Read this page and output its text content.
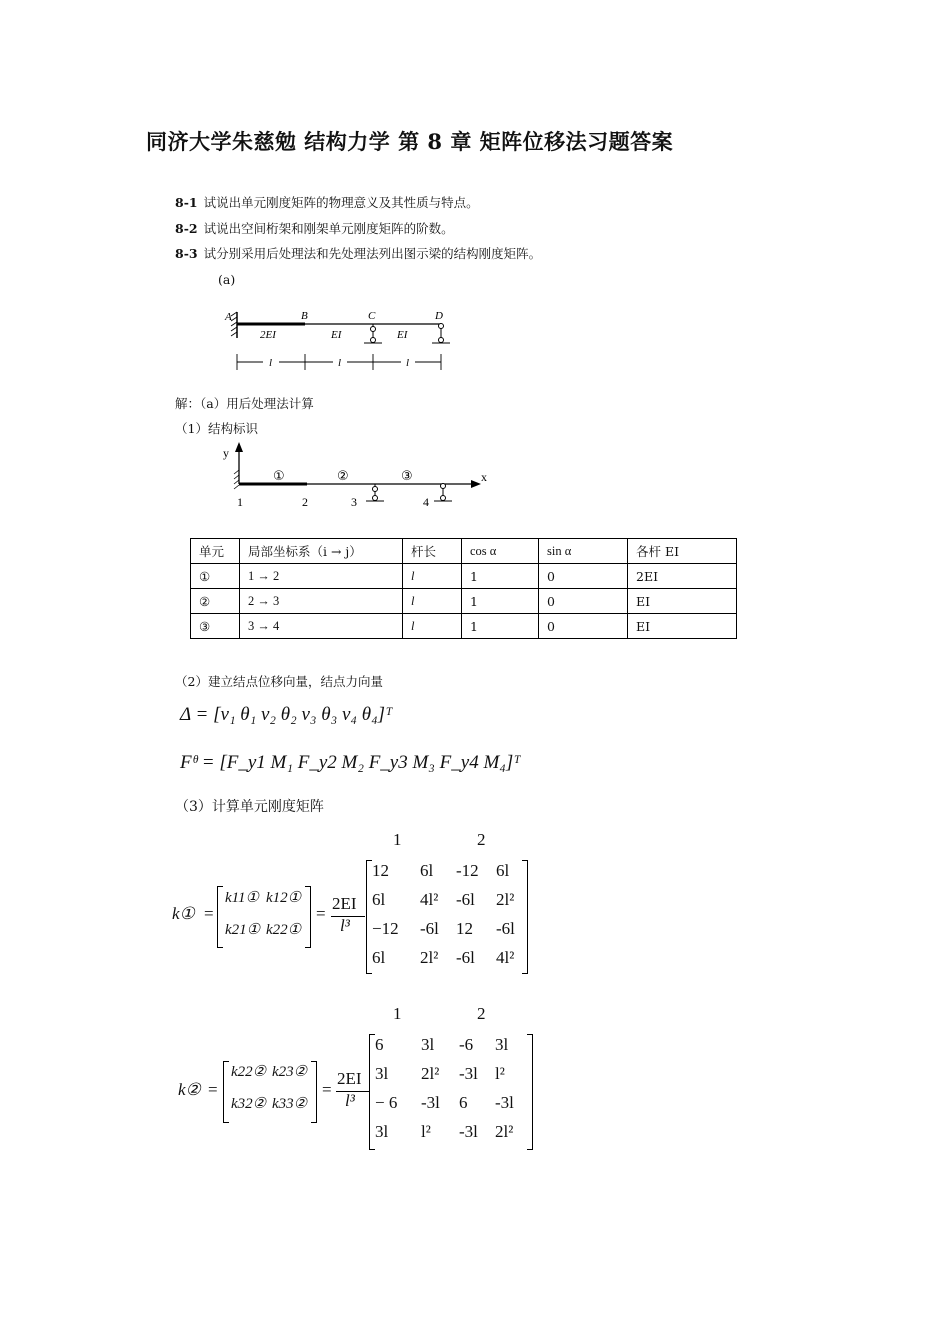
同济大学朱慈勉 结构力学 第 8 章 矩阵位移法习题答案
8-1 试说出单元刚度矩阵的物理意义及其性质与特点。
8-2 试说出空间桁架和刚架单元刚度矩阵的阶数。
8-3 试分别采用后处理法和先处理法列出图示梁的结构刚度矩阵。
(a)
A	B	C	D
2EI	EI	EI
l	l	l
解：（a）用后处理法计算
（1）结构标识
y
x
①	②	③
1	2	3	4
单元	局部坐标系（i → j）	杆长	cos α	sin α	各杆 EI
①	1 → 2	l	1	0	2EI
②	2 → 3	l	1	0	EI
③	3 → 4	l	1	0	EI
（2）建立结点位移向量，结点力向量
Δ = [v₁ θ₁ v₂ θ₂ v₃ θ₃ v₄ θ₄]ᵀ
Fᶿ = [F_y1 M₁ F_y2 M₂ F_y3 M₃ F_y4 M₄]ᵀ
（3）计算单元刚度矩阵
1	2
k① =
k11① k12①
k21① k22①
=
2EI
l³
12 6l -12 6l
6l 4l² -6l 2l²
−12 -6l 12 -6l
6l 2l² -6l 4l²
1	2
k② =
k22② k23②
k32② k33②
=
2EI
l³
6 3l -6 3l
3l 2l² -3l l²
− 6 -3l 6 -3l
3l l² -3l 2l²
